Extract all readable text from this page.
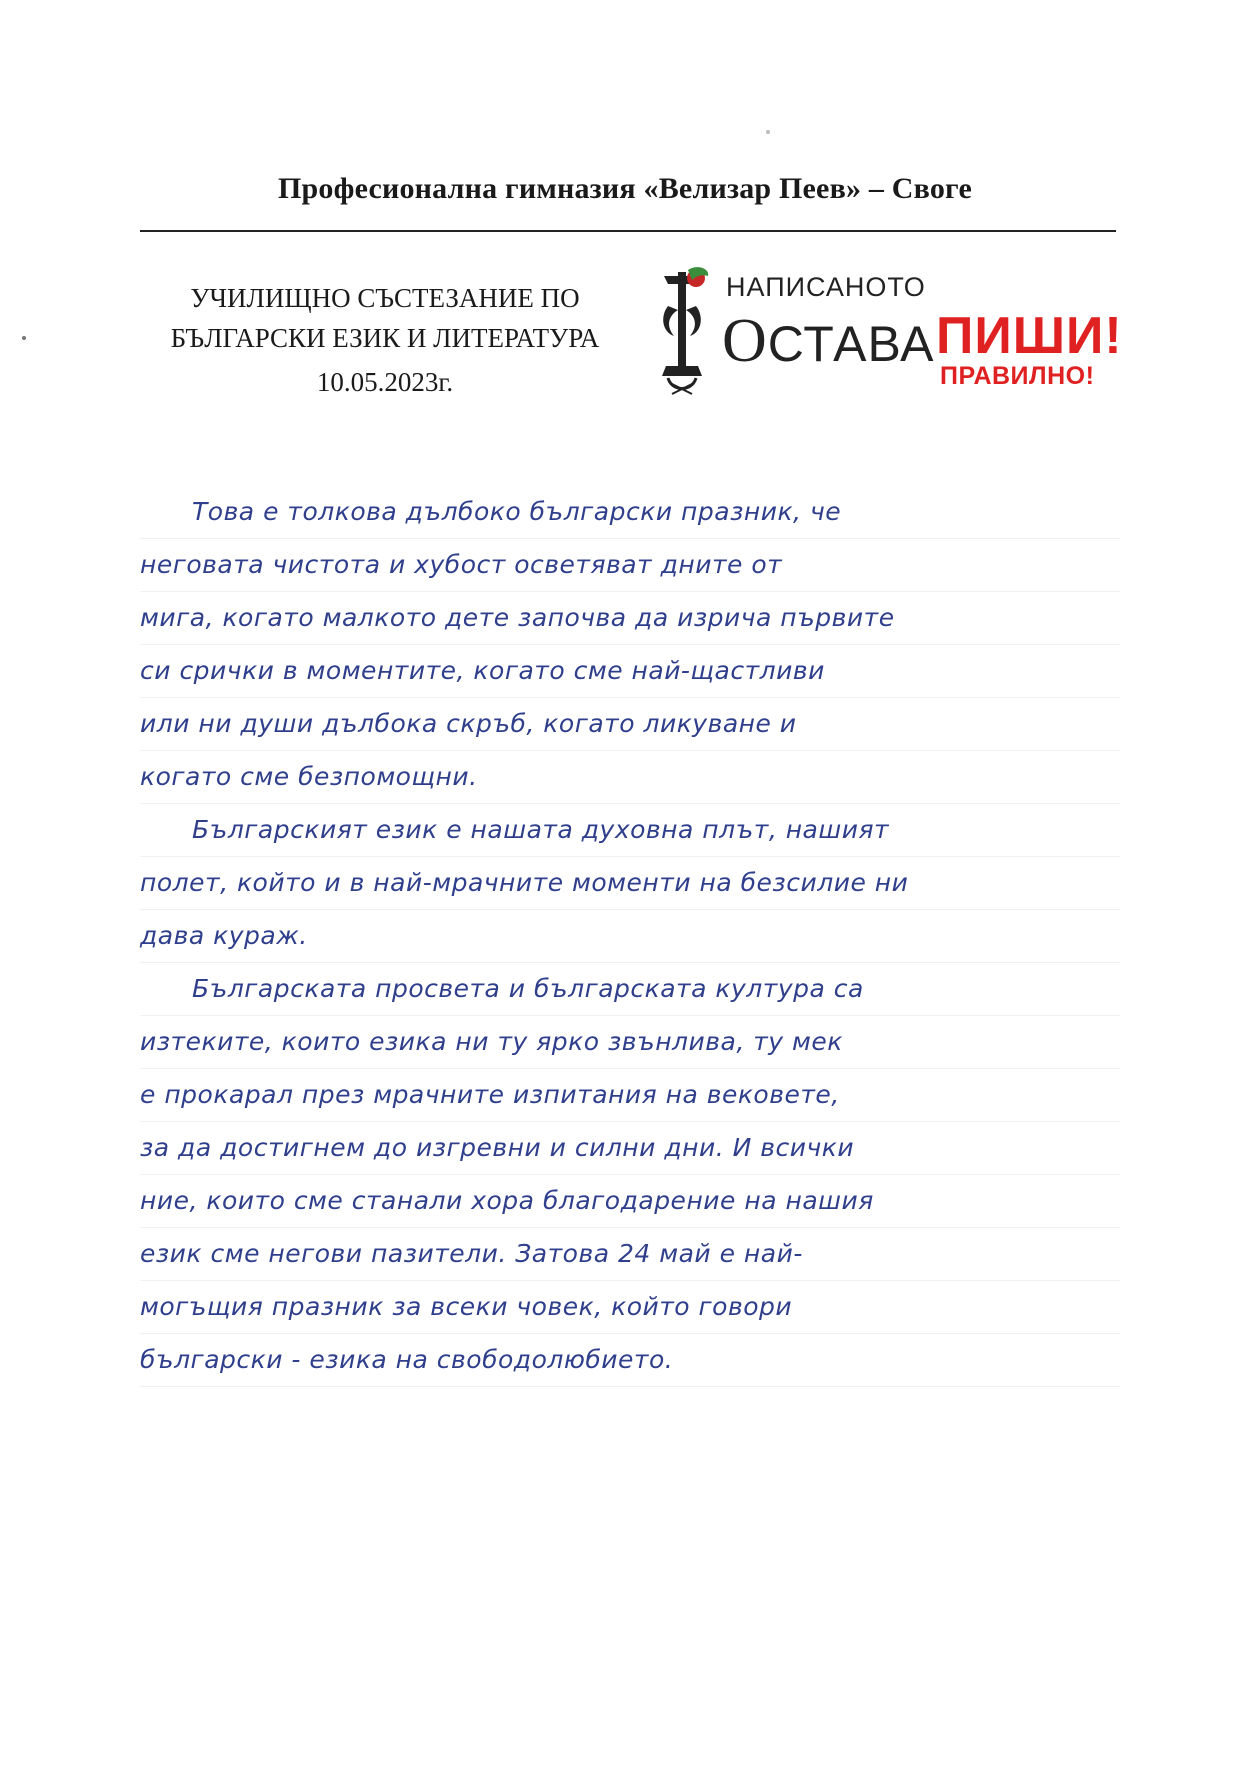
Професионална гимназия «Велизар Пеев» – Своге
УЧИЛИЩНО СЪСТЕЗАНИЕ ПО
БЪЛГАРСКИ ЕЗИК И ЛИТЕРАТУРА
10.05.2023г.
НАПИСАНОТО
ОСТАВА ПИШИ!
ПРАВИЛНО!
Това е толкова дълбоко български празник, че
неговата чистота и хубост осветяват дните от
мига, когато малкото дете започва да изрича първите
си срички в моментите, когато сме най-щастливи
или ни души дълбока скръб, когато ликуване и
когато сме безпомощни.
Българският език е нашата духовна плът, нашият
полет, който и в най-мрачните моменти на безсилие ни
дава кураж.
Българската просвета и българската култура са
изтеките, които езика ни ту ярко звънлива, ту мек
е прокарал през мрачните изпитания на вековете,
за да достигнем до изгревни и силни дни. И всички
ние, които сме станали хора благодарение на нашия
език сме негови пазители. Затова 24 май е най-
могъщия празник за всеки човек, който говори
български - езика на свободолюбието.
